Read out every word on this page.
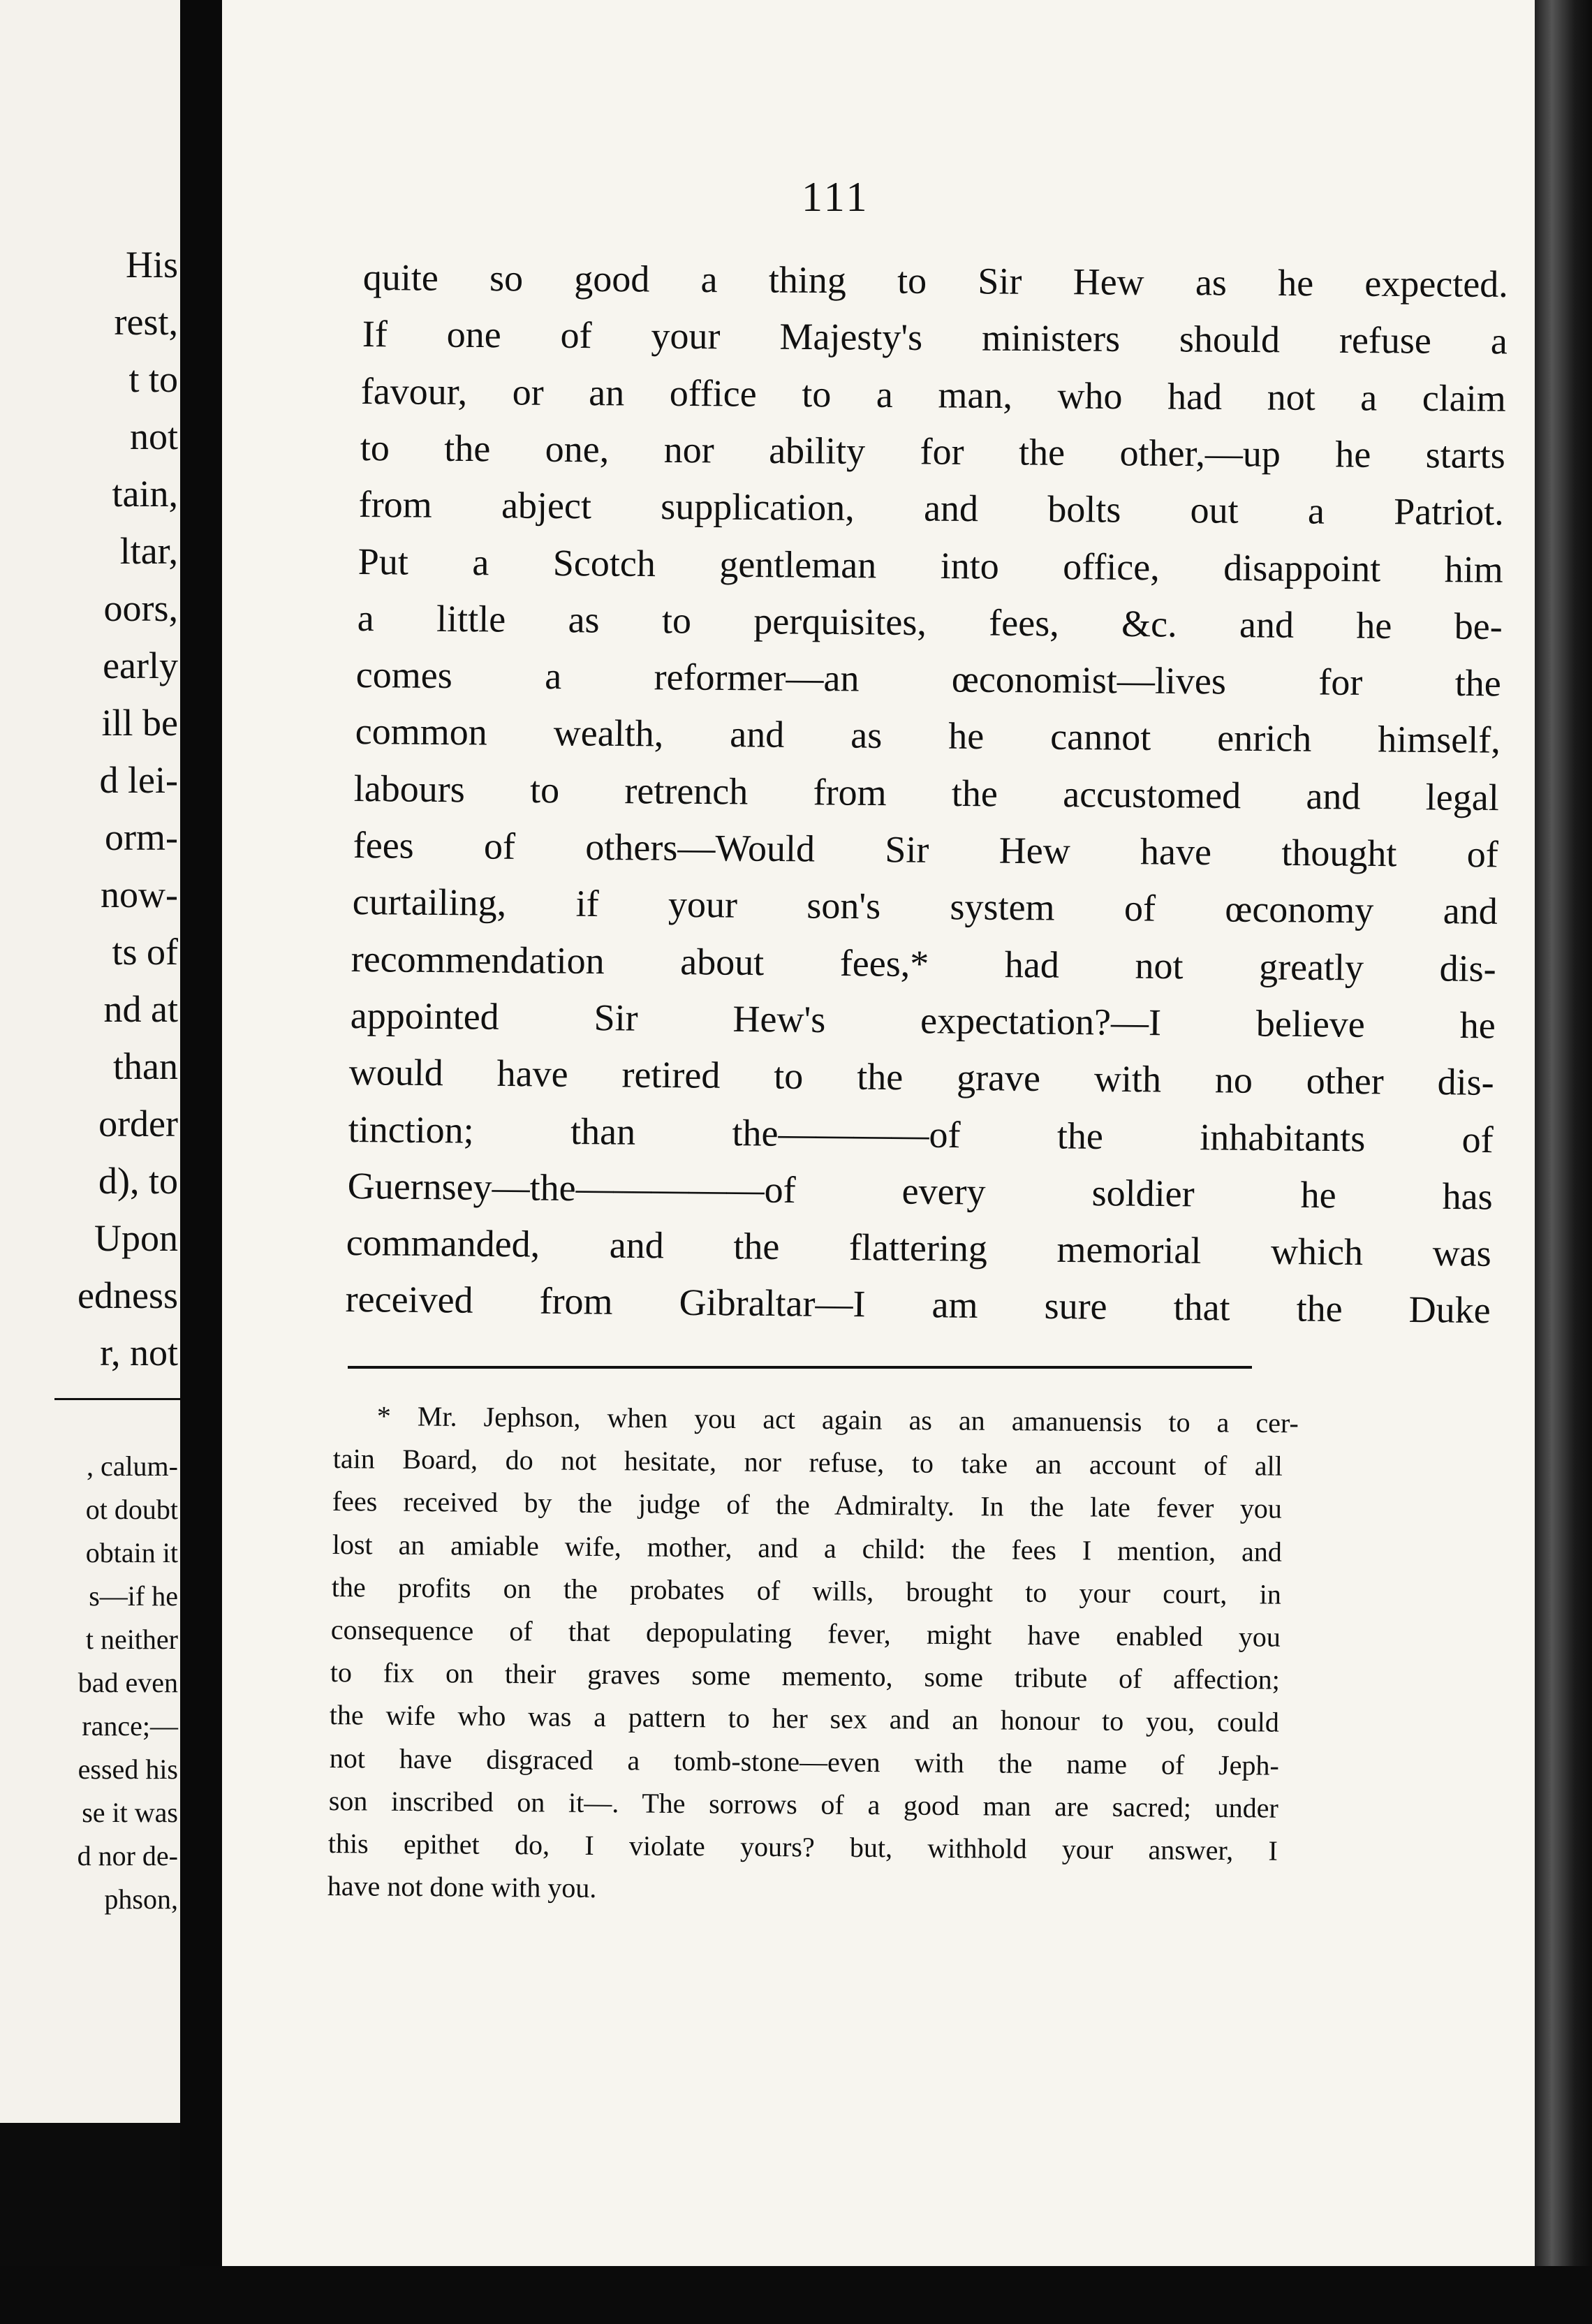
111
quite so good a thing to Sir Hew as he expected.
If one of your Majesty's ministers should refuse a
favour, or an office to a man, who had not a claim
to the one, nor ability for the other,—up he starts
from abject supplication, and bolts out a Patriot.
Put a Scotch gentleman into office, disappoint him
a little as to perquisites, fees, &c. and he be-
comes a reformer—an œconomist—lives for the
common wealth, and as he cannot enrich himself,
labours to retrench from the accustomed and legal
fees of others—Would Sir Hew have thought of
curtailing, if your son's system of œconomy and
recommendation about fees,* had not greatly dis-
appointed Sir Hew's expectation?—I believe he
would have retired to the grave with no other dis-
tinction; than the————of the inhabitants of
Guernsey—the—————of every soldier he has
commanded, and the flattering memorial which was
received from Gibraltar—I am sure that the Duke
* Mr. Jephson, when you act again as an amanuensis to a cer-
tain Board, do not hesitate, nor refuse, to take an account of all
fees received by the judge of the Admiralty. In the late fever you
lost an amiable wife, mother, and a child: the fees I mention, and
the profits on the probates of wills, brought to your court, in
consequence of that depopulating fever, might have enabled you
to fix on their graves some memento, some tribute of affection;
the wife who was a pattern to her sex and an honour to you, could
not have disgraced a tomb-stone—even with the name of Jeph-
son inscribed on it—. The sorrows of a good man are sacred; under
this epithet do, I violate yours? but, withhold your answer, I
have not done with you.
His
rest,
t to
not
tain,
ltar,
oors,
early
ill be
d lei-
orm-
now-
ts of
nd at
than
order
d), to
Upon
edness
r, not
, calum-
ot doubt
obtain it
s—if he
t neither
bad even
rance;—
essed his
se it was
d nor de-
phson,
